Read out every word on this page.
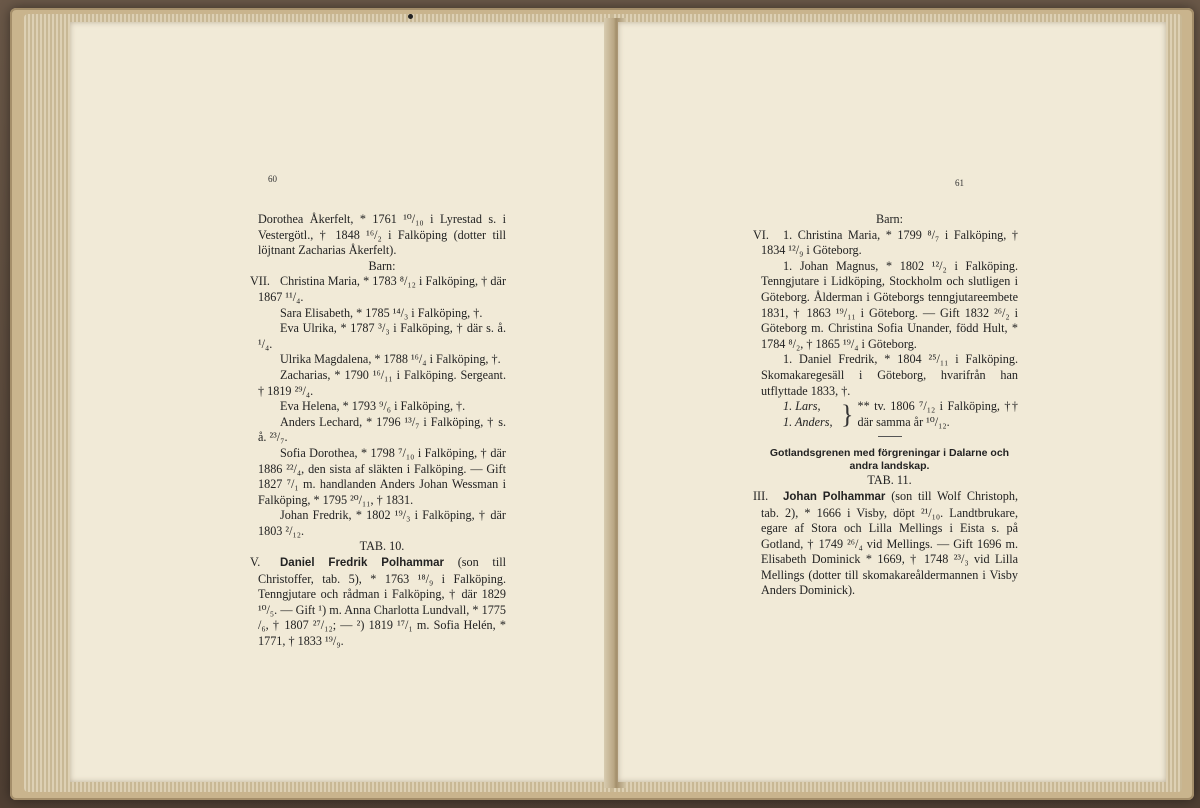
60
Dorothea Åkerfelt, * 1761 ¹⁰/₁₀ i Lyrestad s. i Vestergötl., † 1848 ¹⁶/₂ i Falköping (dotter till löjtnant Zacharias Åkerfelt).
Barn:
VII. Christina Maria, * 1783 ⁸/₁₂ i Falköping, † där 1867 ¹¹/₄.
Sara Elisabeth, * 1785 ¹⁴/₃ i Falköping, †.
Eva Ulrika, * 1787 ³/₃ i Falköping, † där s. å. ¹/₄.
Ulrika Magdalena, * 1788 ¹⁶/₄ i Falköping, †.
Zacharias, * 1790 ¹⁶/₁₁ i Falköping. Sergeant. † 1819 ²⁹/₄.
Eva Helena, * 1793 ⁹/₆ i Falköping, †.
Anders Lechard, * 1796 ¹³/₇ i Falköping, † s. å. ²³/₇.
Sofia Dorothea, * 1798 ⁷/₁₀ i Falköping, † där 1886 ²²/₄, den sista af släkten i Falköping. — Gift 1827 ⁷/₁ m. handlanden Anders Johan Wessman i Falköping, * 1795 ²⁰/₁₁, † 1831.
Johan Fredrik, * 1802 ¹⁹/₃ i Falköping, † där 1803 ²/₁₂.
TAB. 10.
V. Daniel Fredrik Polhammar (son till Christoffer, tab. 5), * 1763 ¹⁸/₉ i Falköping. Tenngjutare och rådman i Falköping, † där 1829 ¹⁰/₅. — Gift ¹) m. Anna Charlotta Lundvall, * 1775 /₆, † 1807 ²⁷/₁₂; — ²) 1819 ¹⁷/₁ m. Sofia Helén, * 1771, † 1833 ¹⁹/₉.
61
Barn:
VI. 1. Christina Maria, * 1799 ⁸/₇ i Falköping, † 1834 ¹²/₉ i Göteborg.
1. Johan Magnus, * 1802 ¹²/₂ i Falköping. Tenngjutare i Lidköping, Stockholm och slutligen i Göteborg. Ålderman i Göteborgs tenngjutareembete 1831, † 1863 ¹⁹/₁₁ i Göteborg. — Gift 1832 ²⁶/₂ i Göteborg m. Christina Sofia Unander, född Hult, * 1784 ⁸/₂, † 1865 ¹⁹/₄ i Göteborg.
1. Daniel Fredrik, * 1804 ²⁵/₁₁ i Falköping. Skomakaregesäll i Göteborg, hvarifrån han utflyttade 1833, †.
1. Lars,
1. Anders, } ** tv. 1806 ⁷/₁₂ i Falköping, †† där samma år ¹⁰/₁₂.
Gotlandsgrenen med förgreningar i Dalarne och andra landskap.
TAB. 11.
III. Johan Polhammar (son till Wolf Christoph, tab. 2), * 1666 i Visby, döpt ²¹/₁₀. Landtbrukare, egare af Stora och Lilla Mellings i Eista s. på Gotland, † 1749 ²⁶/₄ vid Mellings. — Gift 1696 m. Elisabeth Dominick * 1669, † 1748 ²³/₃ vid Lilla Mellings (dotter till skomakareåldermannen i Visby Anders Dominick).
